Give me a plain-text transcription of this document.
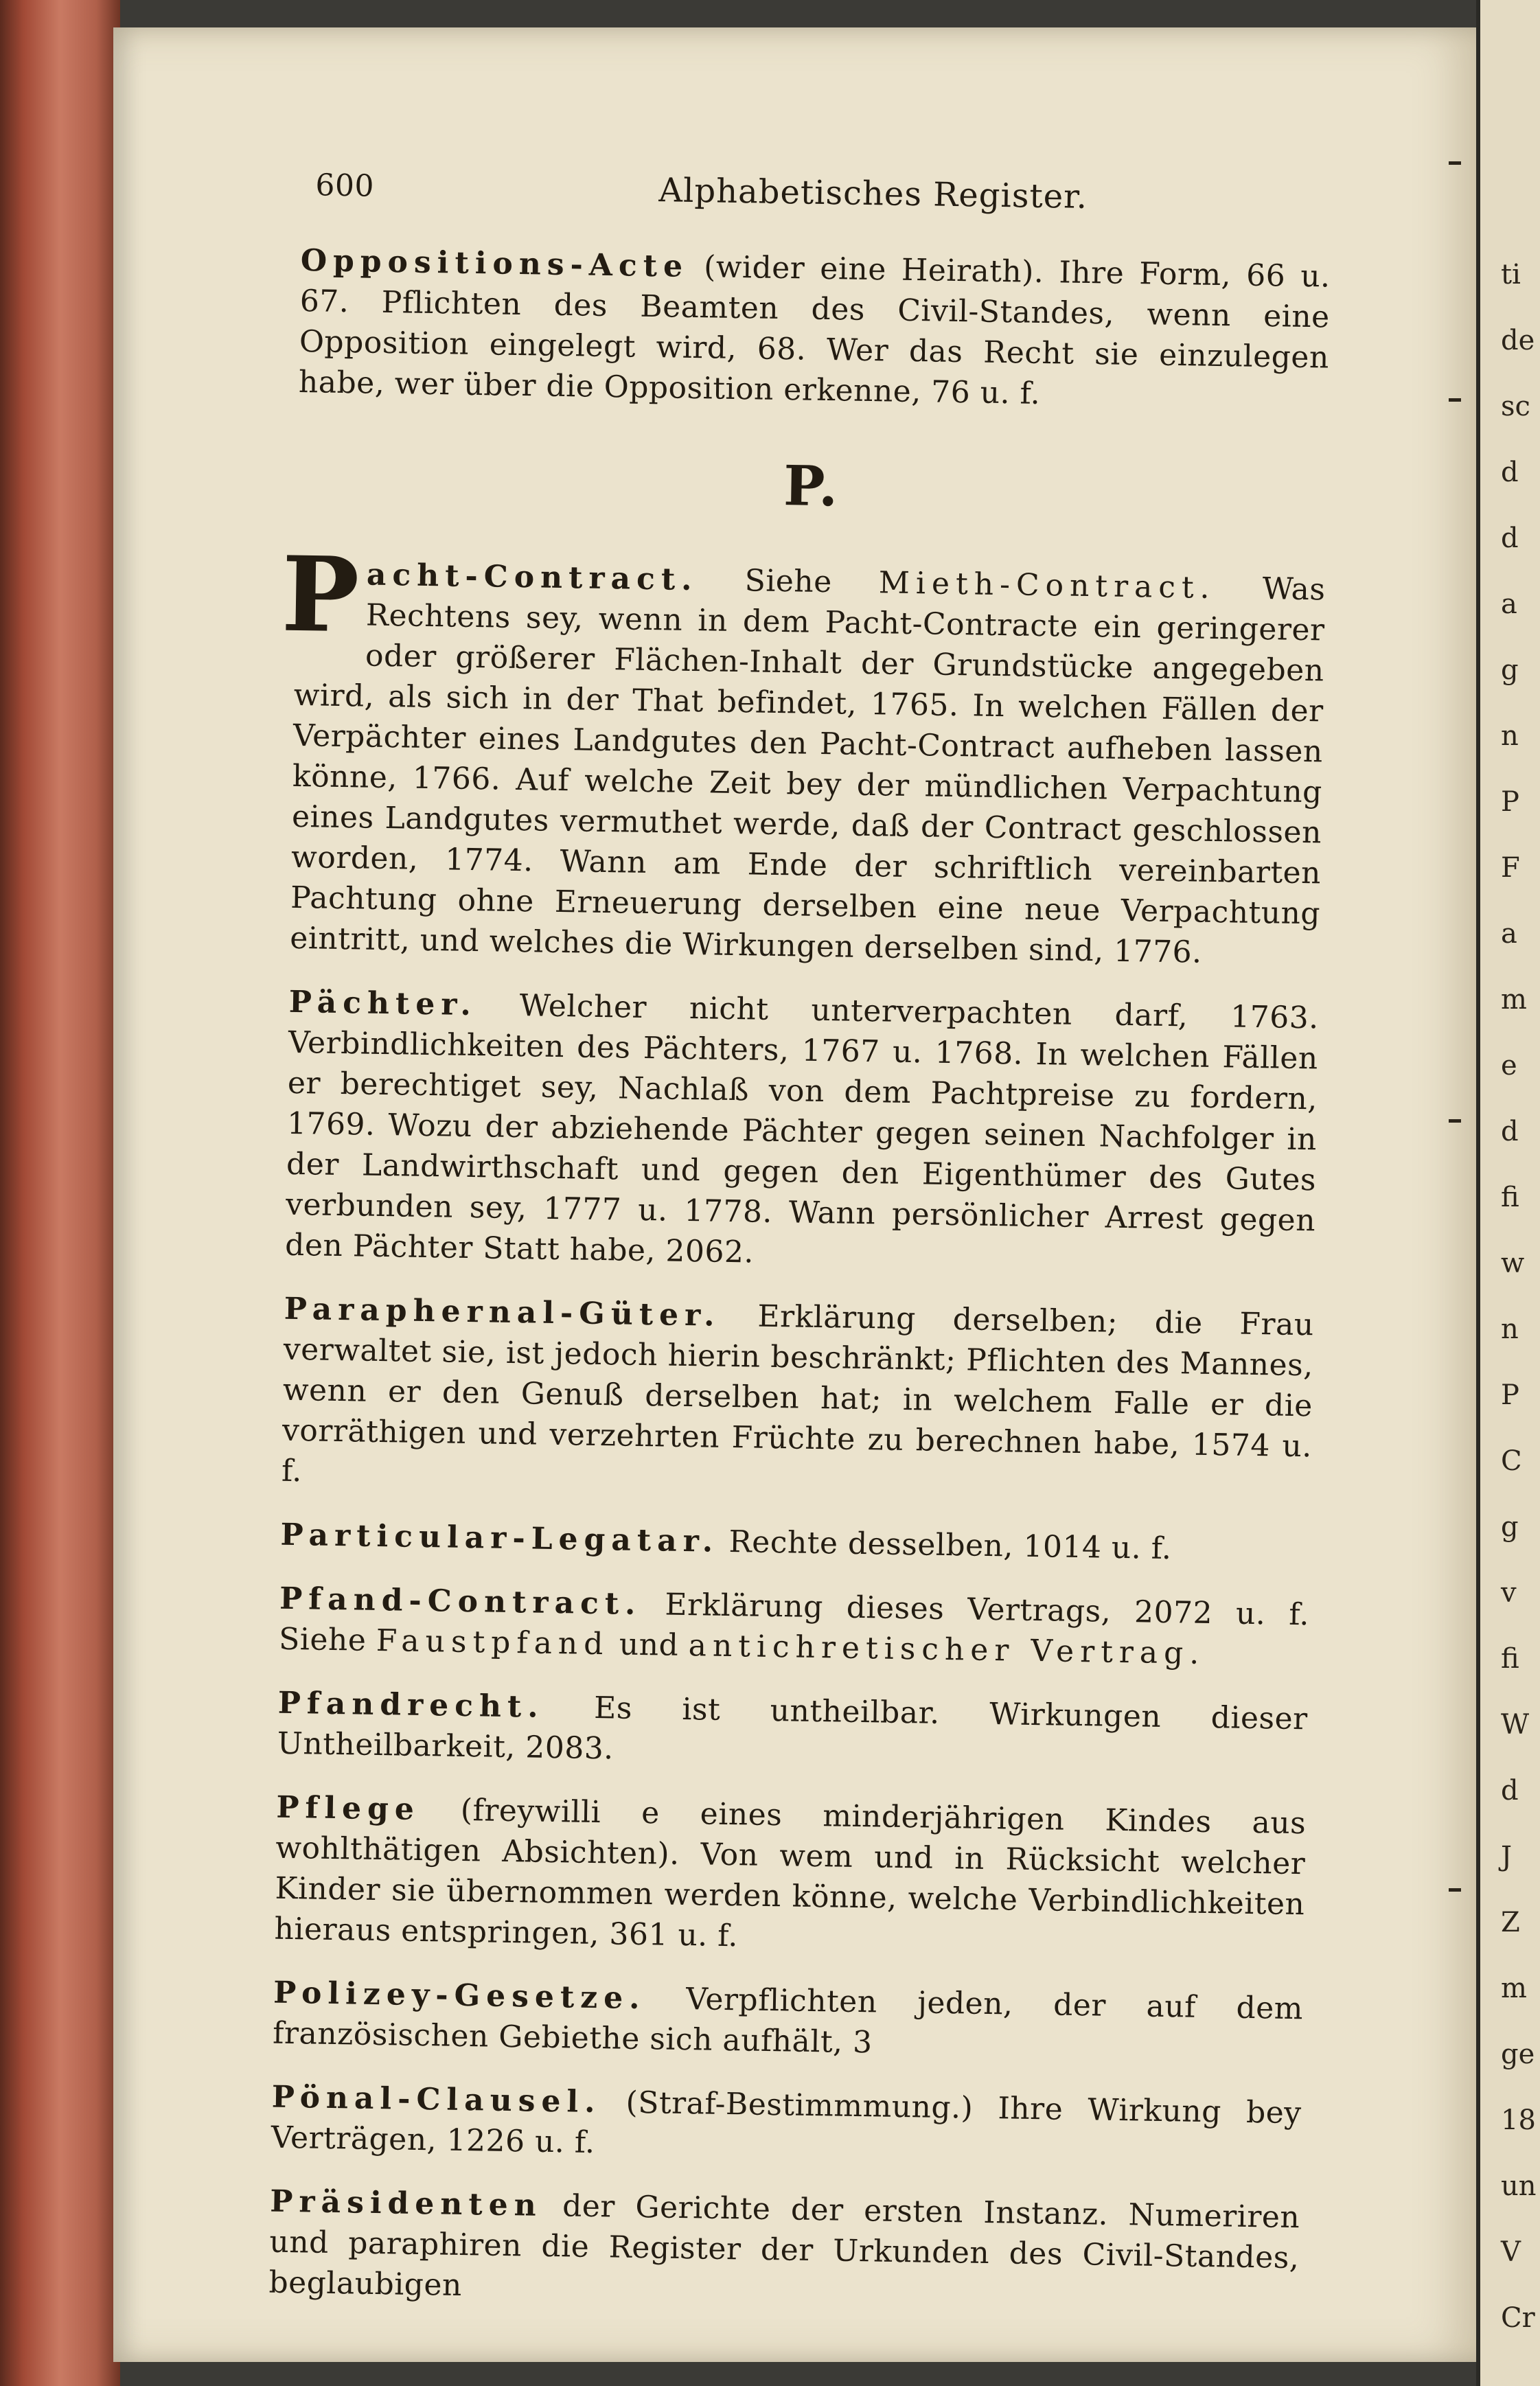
ti
de
sc
d
d
a
g
n
P
F
a
m
e
d
fi
w
n
P
C
g
v
fi
W
d
J
Z
m
ge
18
un
V
Cr
600	Alphabetisches Register.

Oppositions-Acte (wider eine Heirath). Ihre Form, 66 u. 67. Pflichten des Beamten des Civil-Standes, wenn eine Opposition eingelegt wird, 68. Wer das Recht sie einzulegen habe, wer über die Opposition erkenne, 76 u. f.

P.

Pacht-Contract. Siehe Mieth-Contract. Was Rechtens sey, wenn in dem Pacht-Contracte ein geringerer oder größerer Flächen-Inhalt der Grundstücke angegeben wird, als sich in der That befindet, 1765. In welchen Fällen der Verpächter eines Landgutes den Pacht-Contract aufheben lassen könne, 1766. Auf welche Zeit bey der mündlichen Verpachtung eines Landgutes vermuthet werde, daß der Contract geschlossen worden, 1774. Wann am Ende der schriftlich vereinbarten Pachtung ohne Erneuerung derselben eine neue Verpachtung eintritt, und welches die Wirkungen derselben sind, 1776.

Pächter. Welcher nicht unterverpachten darf, 1763. Verbindlichkeiten des Pächters, 1767 u. 1768. In welchen Fällen er berechtiget sey, Nachlaß von dem Pachtpreise zu fordern, 1769. Wozu der abziehende Pächter gegen seinen Nachfolger in der Landwirthschaft und gegen den Eigenthümer des Gutes verbunden sey, 1777 u. 1778. Wann persönlicher Arrest gegen den Pächter Statt habe, 2062.

Paraphernal-Güter. Erklärung derselben; die Frau verwaltet sie, ist jedoch hierin beschränkt; Pflichten des Mannes, wenn er den Genuß derselben hat; in welchem Falle er die vorräthigen und verzehrten Früchte zu berechnen habe, 1574 u. f.

Particular-Legatar. Rechte desselben, 1014 u. f.

Pfand-Contract. Erklärung dieses Vertrags, 2072 u. f. Siehe Faustpfand und antichretischer Vertrag.

Pfandrecht. Es ist untheilbar. Wirkungen dieser Untheilbarkeit, 2083.

Pflege (freywilli e eines minderjährigen Kindes aus wohlthätigen Absichten). Von wem und in Rücksicht welcher Kinder sie übernommen werden könne, welche Verbindlichkeiten hieraus entspringen, 361 u. f.

Polizey-Gesetze. Verpflichten jeden, der auf dem französischen Gebiethe sich aufhält, 3

Pönal-Clausel. (Straf-Bestimmmung.) Ihre Wirkung bey Verträgen, 1226 u. f.

Präsidenten der Gerichte der ersten Instanz. Numeriren und paraphiren die Register der Urkunden des Civil-Standes, beglaubigen
